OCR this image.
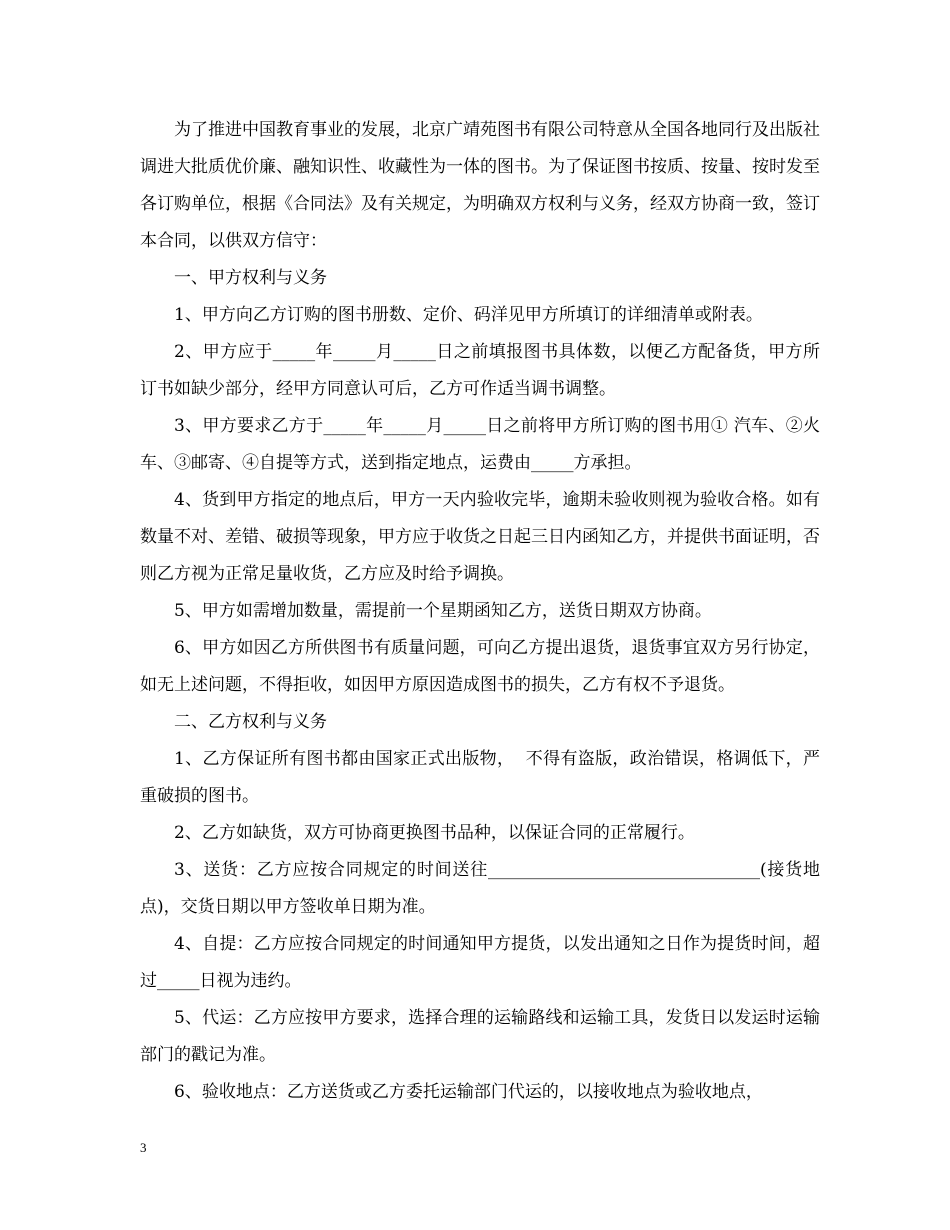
为了推进中国教育事业的发展，北京广靖苑图书有限公司特意从全国各地同行及出版社调进大批质优价廉、融知识性、收藏性为一体的图书。为了保证图书按质、按量、按时发至各订购单位，根据《合同法》及有关规定，为明确双方权利与义务，经双方协商一致，签订本合同，以供双方信守：

一、甲方权利与义务

1、甲方向乙方订购的图书册数、定价、码洋见甲方所填订的详细清单或附表。

2、甲方应于_____年_____月_____日之前填报图书具体数，以便乙方配备货，甲方所订书如缺少部分，经甲方同意认可后，乙方可作适当调书调整。

3、甲方要求乙方于_____年_____月_____日之前将甲方所订购的图书用① 汽车、②火车、③邮寄、④自提等方式，送到指定地点，运费由_____方承担。

4、货到甲方指定的地点后，甲方一天内验收完毕，逾期未验收则视为验收合格。如有数量不对、差错、破损等现象，甲方应于收货之日起三日内函知乙方，并提供书面证明，否则乙方视为正常足量收货，乙方应及时给予调换。

5、甲方如需增加数量，需提前一个星期函知乙方，送货日期双方协商。

6、甲方如因乙方所供图书有质量问题，可向乙方提出退货，退货事宜双方另行协定，如无上述问题，不得拒收，如因甲方原因造成图书的损失，乙方有权不予退货。

二、乙方权利与义务

1、乙方保证所有图书都由国家正式出版物，  不得有盗版，政治错误，格调低下，严重破损的图书。

2、乙方如缺货，双方可协商更换图书品种，以保证合同的正常履行。

3、送货：乙方应按合同规定的时间送往________________________________(接货地点)，交货日期以甲方签收单日期为准。

4、自提：乙方应按合同规定的时间通知甲方提货，以发出通知之日作为提货时间，超过_____日视为违约。

5、代运：乙方应按甲方要求，选择合理的运输路线和运输工具，发货日以发运时运输部门的戳记为准。

6、验收地点：乙方送货或乙方委托运输部门代运的，以接收地点为验收地点，

3
